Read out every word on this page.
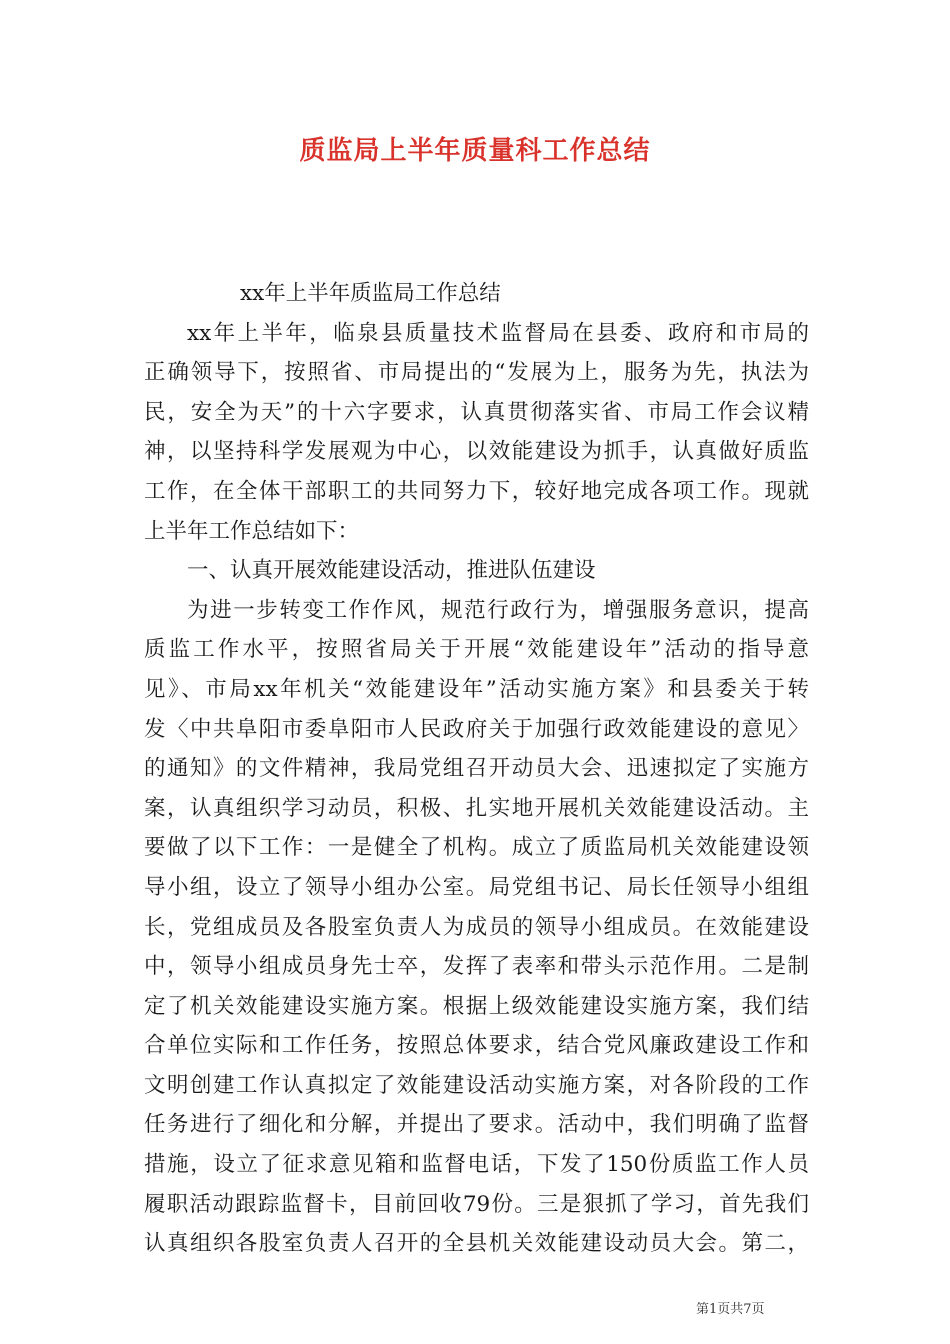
质监局上半年质量科工作总结
xx年上半年质监局工作总结
xx年上半年，临泉县质量技术监督局在县委、政府和市局的
正确领导下，按照省、市局提出的“发展为上，服务为先，执法为
民，安全为天”的十六字要求，认真贯彻落实省、市局工作会议精
神，以坚持科学发展观为中心，以效能建设为抓手，认真做好质监
工作，在全体干部职工的共同努力下，较好地完成各项工作。现就
上半年工作总结如下：
一、认真开展效能建设活动，推进队伍建设
为进一步转变工作作风，规范行政行为，增强服务意识，提高
质监工作水平，按照省局关于开展“效能建设年”活动的指导意
见》、市局xx年机关“效能建设年”活动实施方案》和县委关于转
发〈中共阜阳市委阜阳市人民政府关于加强行政效能建设的意见〉
的通知》的文件精神，我局党组召开动员大会、迅速拟定了实施方
案，认真组织学习动员，积极、扎实地开展机关效能建设活动。主
要做了以下工作：一是健全了机构。成立了质监局机关效能建设领
导小组，设立了领导小组办公室。局党组书记、局长任领导小组组
长，党组成员及各股室负责人为成员的领导小组成员。在效能建设
中，领导小组成员身先士卒，发挥了表率和带头示范作用。二是制
定了机关效能建设实施方案。根据上级效能建设实施方案，我们结
合单位实际和工作任务，按照总体要求，结合党风廉政建设工作和
文明创建工作认真拟定了效能建设活动实施方案，对各阶段的工作
任务进行了细化和分解，并提出了要求。活动中，我们明确了监督
措施，设立了征求意见箱和监督电话，下发了150份质监工作人员
履职活动跟踪监督卡，目前回收79份。三是狠抓了学习，首先我们
认真组织各股室负责人召开的全县机关效能建设动员大会。第二，
第1页共7页
